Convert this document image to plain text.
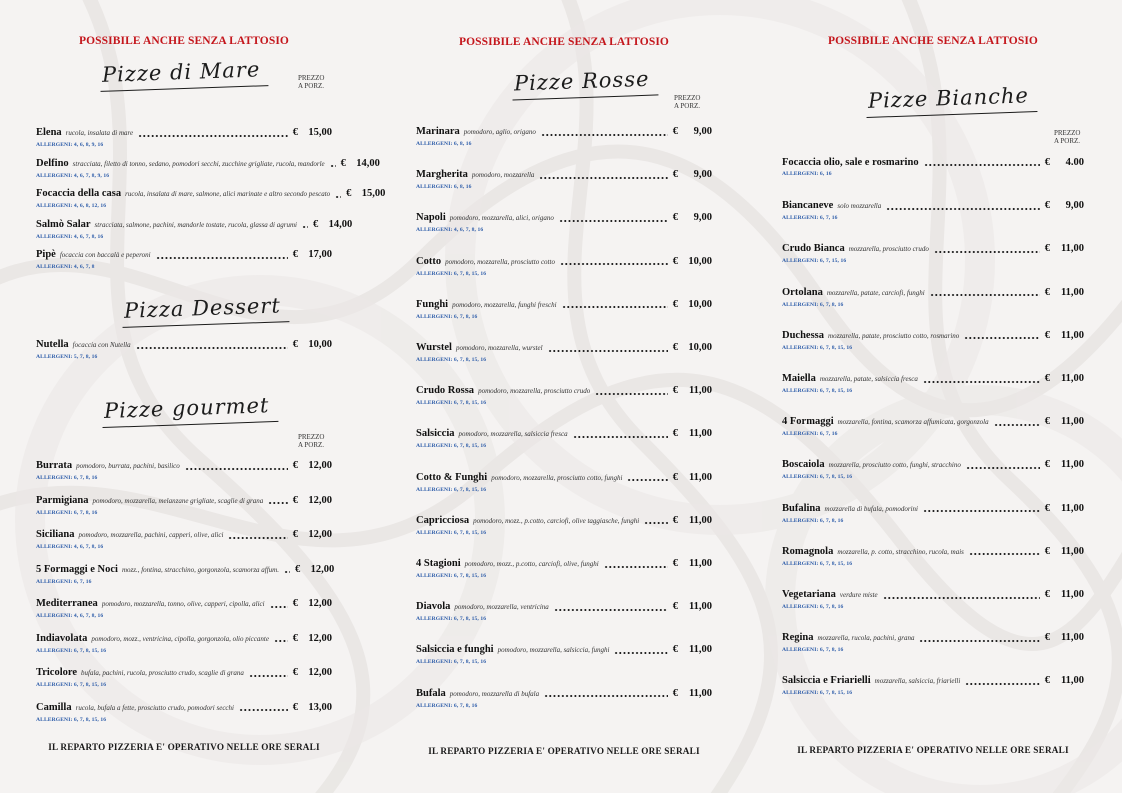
POSSIBILE ANCHE SENZA LATTOSIO
IL REPARTO PIZZERIA E' OPERATIVO NELLE ORE SERALI
Pizze di Mare	PREZZO
A PORZ.
Elena rucola, insalata di mare	€ 15,00
ALLERGENI: 4, 6, 8, 9, 16
Delfino stracciata, filetto di tonno, sedano, pomodori secchi, zucchine grigliate, rucola, mandorle € 14,00
ALLERGENI: 4, 6, 7, 8, 9, 16
Focaccia della casa rucola, insalata di mare, salmone, alici marinate e altro secondo pescato € 15,00
ALLERGENI: 4, 6, 8, 12, 16
Salmò Salar stracciata, salmone, pachini, mandorle tostate, rucola, glassa di agrumi € 14,00
ALLERGENI: 4, 6, 7, 8, 16
Pipè focaccia con baccalà e peperoni	€ 17,00
ALLERGENI: 4, 6, 7, 8
Pizza Dessert
Nutella focaccia con Nutella	€ 10,00
ALLERGENI: 5, 7, 8, 16
Pizze gourmet
PREZZO
A PORZ.
Burrata pomodoro, burrata, pachini, basilico	€ 12,00
ALLERGENI: 6, 7, 8, 16
Parmigiana pomodoro, mozzarella, melanzane grigliate, scaglie di grana	€ 12,00
ALLERGENI: 6, 7, 8, 16
Siciliana pomodoro, mozzarella, pachini, capperi, olive, alici	€ 12,00
ALLERGENI: 4, 6, 7, 8, 16
5 Formaggi e Noci mozz., fontina, stracchino, gorgonzola, scamorza affum. € 12,00
ALLERGENI: 6, 7, 16
Mediterranea pomodoro, mozzarella, tonno, olive, capperi, cipolla, alici	€ 12,00
ALLERGENI: 4, 6, 7, 8, 16
Indiavolata pomodoro, mozz., ventricina, cipolla, gorgonzola, olio piccante € 12,00
ALLERGENI: 6, 7, 8, 15, 16
Tricolore bufala, pachini, rucola, prosciutto crudo, scaglie di grana	€ 12,00
ALLERGENI: 6, 7, 8, 15, 16
Camilla rucola, bufala a fette, prosciutto crudo, pomodori secchi	€ 13,00
ALLERGENI: 6, 7, 8, 15, 16
POSSIBILE ANCHE SENZA LATTOSIO
IL REPARTO PIZZERIA E' OPERATIVO NELLE ORE SERALI
Pizze Rosse
PREZZO
A PORZ.
Marinara pomodoro, aglio, origano	€	9,00
ALLERGENI: 6, 8, 16
Margherita pomodoro, mozzarella	€	9,00
ALLERGENI: 6, 8, 16
Napoli pomodoro, mozzarella, alici, origano	€	9,00
ALLERGENI: 4, 6, 7, 8, 16
Cotto pomodoro, mozzarella, prosciutto cotto	€ 10,00
ALLERGENI: 6, 7, 8, 15, 16
Funghi pomodoro, mozzarella, funghi freschi	€ 10,00
ALLERGENI: 6, 7, 8, 16
Wurstel pomodoro, mozzarella, wurstel	€ 10,00
ALLERGENI: 6, 7, 8, 15, 16
Crudo Rossa pomodoro, mozzarella, prosciutto crudo	€ 11,00
ALLERGENI: 6, 7, 8, 15, 16
Salsiccia pomodoro, mozzarella, salsiccia fresca	€ 11,00
ALLERGENI: 6, 7, 8, 15, 16
Cotto & Funghi pomodoro, mozzarella, prosciutto cotto, funghi	€ 11,00
ALLERGENI: 6, 7, 8, 15, 16
Capricciosa pomodoro, mozz., p.cotto, carciofi, olive taggiasche, funghi	€ 11,00
ALLERGENI: 6, 7, 8, 15, 16
4 Stagioni pomodoro, mozz., p.cotto, carciofi, olive, funghi	€ 11,00
ALLERGENI: 6, 7, 8, 15, 16
Diavola pomodoro, mozzarella, ventricina	€ 11,00
ALLERGENI: 6, 7, 8, 15, 16
Salsiccia e funghi pomodoro, mozzarella, salsiccia, funghi	€ 11,00
ALLERGENI: 6, 7, 8, 15, 16
Bufala pomodoro, mozzarella di bufala	€ 11,00
ALLERGENI: 6, 7, 8, 16
POSSIBILE ANCHE SENZA LATTOSIO
IL REPARTO PIZZERIA E' OPERATIVO NELLE ORE SERALI
Pizze Bianche
PREZZO
A PORZ.
Focaccia olio, sale e rosmarino	€	4.00
ALLERGENI: 6, 16
Biancaneve solo mozzarella	€	9,00
ALLERGENI: 6, 7, 16
Crudo Bianca mozzarella, prosciutto crudo	€ 11,00
ALLERGENI: 6, 7, 15, 16
Ortolana mozzarella, patate, carciofi, funghi	€ 11,00
ALLERGENI: 6, 7, 8, 16
Duchessa mozzarella, patate, prosciutto cotto, rosmarino	€ 11,00
ALLERGENI: 6, 7, 8, 15, 16
Maiella mozzarella, patate, salsiccia fresca	€ 11,00
ALLERGENI: 6, 7, 8, 15, 16
4 Formaggi mozzarella, fontina, scamorza affumicata, gorgonzola	€ 11,00
ALLERGENI: 6, 7, 16
Boscaiola mozzarella, prosciutto cotto, funghi, stracchino	€ 11,00
ALLERGENI: 6, 7, 8, 15, 16
Bufalina mozzarella di bufala, pomodorini	€ 11,00
ALLERGENI: 6, 7, 8, 16
Romagnola mozzarella, p. cotto, stracchino, rucola, mais	€ 11,00
ALLERGENI: 6, 7, 8, 15, 16
Vegetariana verdure miste	€ 11,00
ALLERGENI: 6, 7, 8, 16
Regina mozzarella, rucola, pachini, grana	€ 11,00
ALLERGENI: 6, 7, 8, 16
Salsiccia e Friarielli mozzarella, salsiccia, friarielli	€ 11,00
ALLERGENI: 6, 7, 8, 15, 16
